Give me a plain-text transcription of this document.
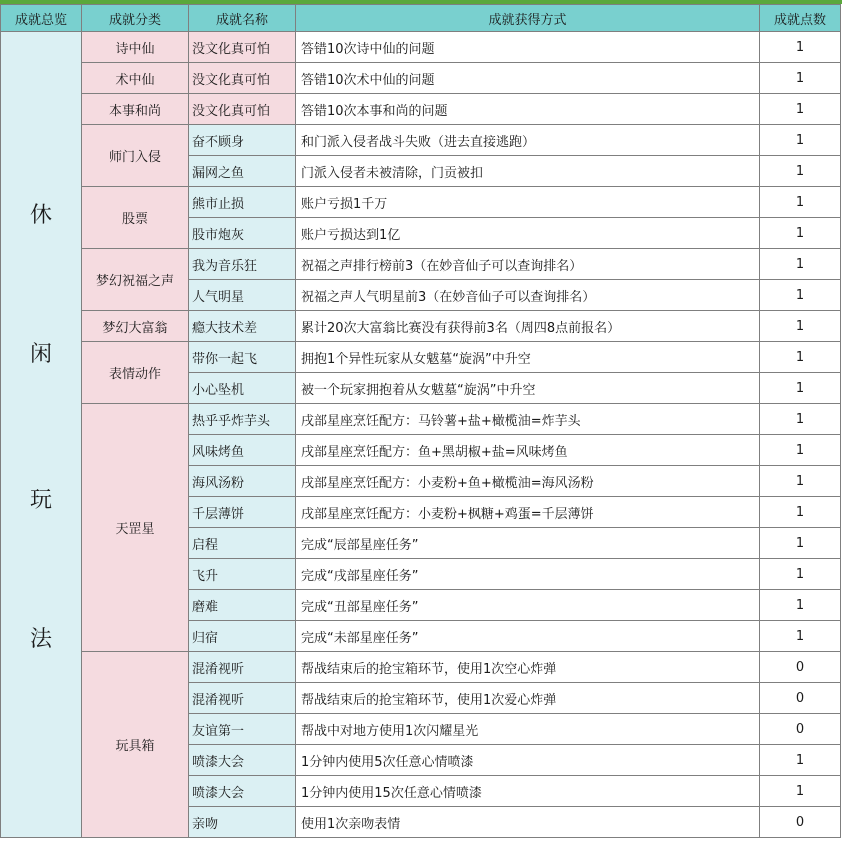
成就总览	成就分类	成就名称	成就获得方式	成就点数

休
闲
玩
法	诗中仙	没文化真可怕	答错10次诗中仙的问题	1
	术中仙	没文化真可怕	答错10次术中仙的问题	1
	本事和尚	没文化真可怕	答错10次本事和尚的问题	1
	师门入侵	奋不顾身	和门派入侵者战斗失败（进去直接逃跑）	1
		漏网之鱼	门派入侵者未被清除，门贡被扣	1
	股票	熊市止损	账户亏损1千万	1
		股市炮灰	账户亏损达到1亿	1
	梦幻祝福之声	我为音乐狂	祝福之声排行榜前3（在妙音仙子可以查询排名）	1
		人气明星	祝福之声人气明星前3（在妙音仙子可以查询排名）	1
	梦幻大富翁	瘾大技术差	累计20次大富翁比赛没有获得前3名（周四8点前报名）	1
	表情动作	带你一起飞	拥抱1个异性玩家从女魃墓“旋涡”中升空	1
		小心坠机	被一个玩家拥抱着从女魃墓“旋涡”中升空	1
	天罡星	热乎乎炸芋头	戌部星座烹饪配方：马铃薯+盐+橄榄油=炸芋头	1
		风味烤鱼	戌部星座烹饪配方：鱼+黑胡椒+盐=风味烤鱼	1
		海风汤粉	戌部星座烹饪配方：小麦粉+鱼+橄榄油=海风汤粉	1
		千层薄饼	戌部星座烹饪配方：小麦粉+枫糖+鸡蛋=千层薄饼	1
		启程	完成“辰部星座任务”	1
		飞升	完成“戌部星座任务”	1
		磨难	完成“丑部星座任务”	1
		归宿	完成“未部星座任务”	1
	玩具箱	混淆视听	帮战结束后的抢宝箱环节，使用1次空心炸弹	0
		混淆视听	帮战结束后的抢宝箱环节，使用1次爱心炸弹	0
		友谊第一	帮战中对地方使用1次闪耀星光	0
		喷漆大会	1分钟内使用5次任意心情喷漆	1
		喷漆大会	1分钟内使用15次任意心情喷漆	1
		亲吻	使用1次亲吻表情	0
